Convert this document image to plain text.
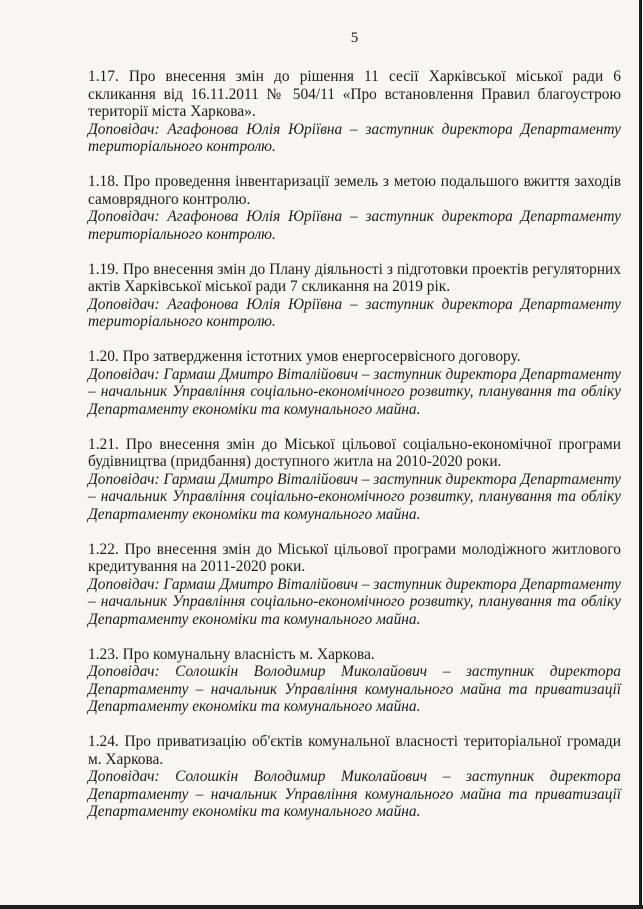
5

1.17. Про внесення змін до рішення 11 сесії Харківської міської ради 6 скликання від 16.11.2011 № 504/11 «Про встановлення Правил благоустрою території міста Харкова».

Доповідач: Агафонова Юлія Юріївна – заступник директора Департаменту територіального контролю.

1.18. Про проведення інвентаризації земель з метою подальшого вжиття заходів самоврядного контролю.

Доповідач: Агафонова Юлія Юріївна – заступник директора Департаменту територіального контролю.

1.19. Про внесення змін до Плану діяльності з підготовки проектів регуляторних актів Харківської міської ради 7 скликання на 2019 рік.

Доповідач: Агафонова Юлія Юріївна – заступник директора Департаменту територіального контролю.

1.20. Про затвердження істотних умов енергосервісного договору.

Доповідач: Гармаш Дмитро Віталійович – заступник директора Департаменту – начальник Управління соціально-економічного розвитку, планування та обліку Департаменту економіки та комунального майна.

1.21. Про внесення змін до Міської цільової соціально-економічної програми будівництва (придбання) доступного житла на 2010-2020 роки.

Доповідач: Гармаш Дмитро Віталійович – заступник директора Департаменту – начальник Управління соціально-економічного розвитку, планування та обліку Департаменту економіки та комунального майна.

1.22. Про внесення змін до Міської цільової програми молодіжного житлового кредитування на 2011-2020 роки.

Доповідач: Гармаш Дмитро Віталійович – заступник директора Департаменту – начальник Управління соціально-економічного розвитку, планування та обліку Департаменту економіки та комунального майна.

1.23. Про комунальну власність м. Харкова.

Доповідач: Солошкін Володимир Миколайович – заступник директора Департаменту – начальник Управління комунального майна та приватизації Департаменту економіки та комунального майна.

1.24. Про приватизацію об'єктів комунальної власності територіальної громади м. Харкова.

Доповідач: Солошкін Володимир Миколайович – заступник директора Департаменту – начальник Управління комунального майна та приватизації Департаменту економіки та комунального майна.
